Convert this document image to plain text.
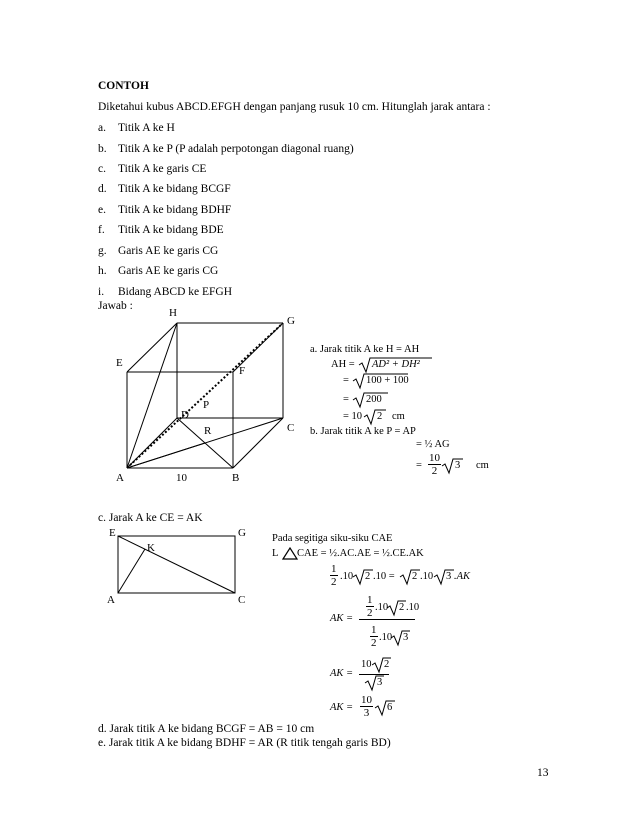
CONTOH
Diketahui kubus ABCD.EFGH dengan panjang rusuk 10 cm. Hitunglah jarak antara :
a. Titik A ke H
b. Titik A ke P (P adalah perpotongan diagonal ruang)
c. Titik A ke garis CE
d. Titik A ke bidang BCGF
e. Titik A ke bidang BDHF
f. Titik A ke bidang BDE
g. Garis AE ke garis CG
h. Garis AE ke garis CG
i. Bidang ABCD ke EFGH
Jawab :
A	B
C
D
E
F
G
H
P
R
10
a. Jarak titik A ke H = AH
AH = AD² + DH²
= 100 + 100
= 200
= 10 2 cm
b. Jarak titik A ke P = AP
= ½ AG
=
10
2	3 cm
c. Jarak A ke CE = AK
E	G
A	C
K
Pada segitiga siku-siku CAE
L CAE = ½.AC.AE = ½.CE.AK
1
2 .10 2 .10 = 2 .10 3 .AK
AK =
1
2 .10 2 .10
1
2 .10 3
AK =
10 2
3
AK =
10
3	6
d. Jarak titik A ke bidang BCGF = AB = 10 cm
e. Jarak titik A ke bidang BDHF = AR (R titik tengah garis BD)
13
